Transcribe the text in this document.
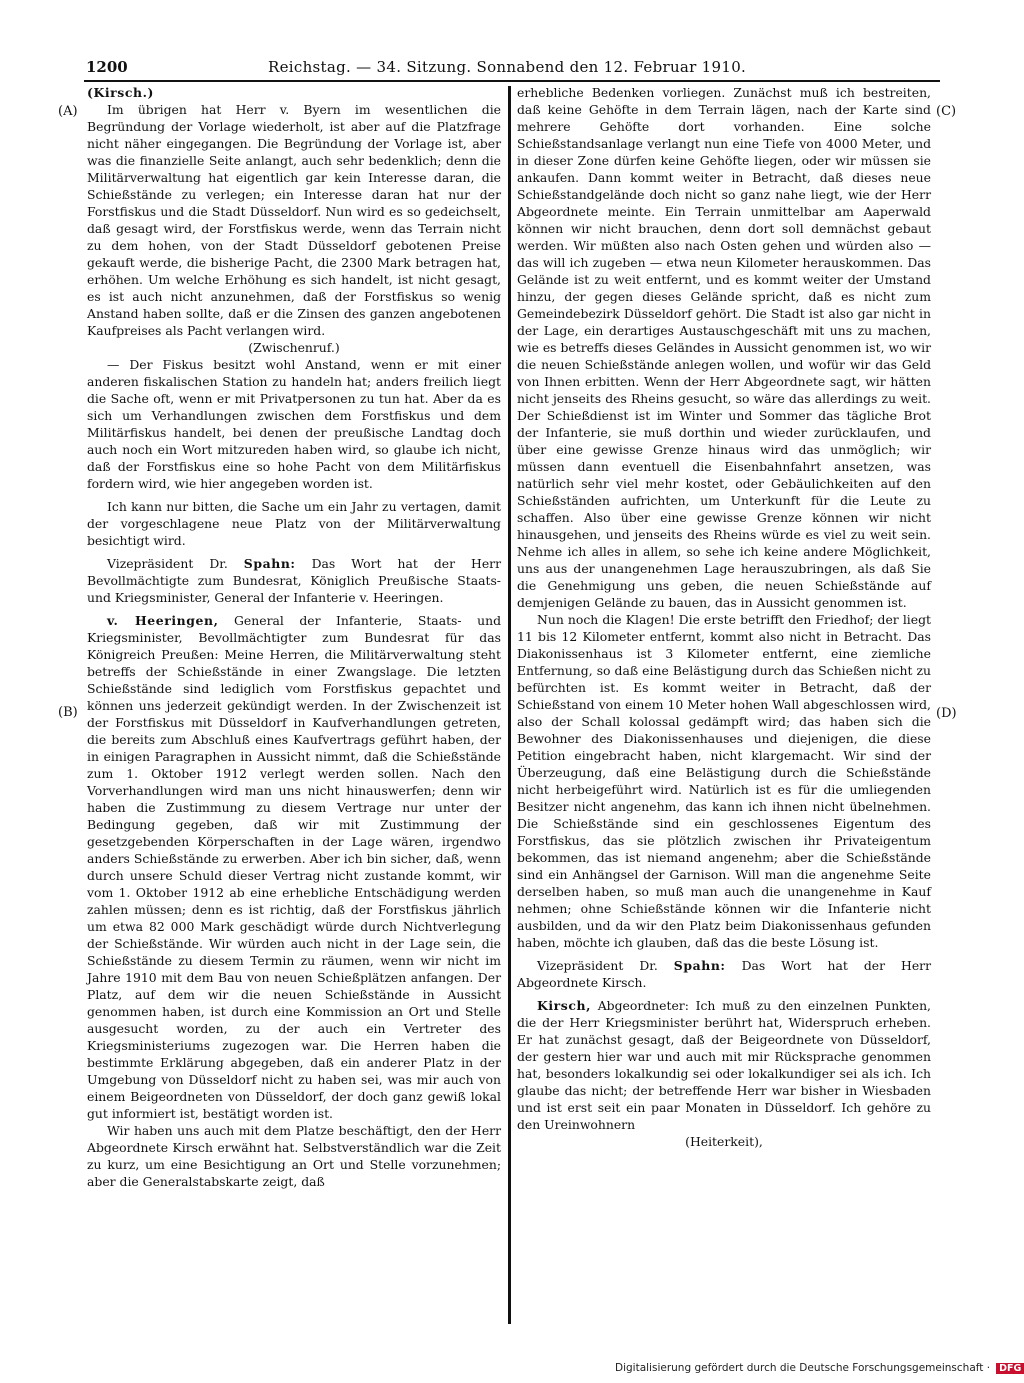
1200	Reichstag. — 34. Sitzung. Sonnabend den 12. Februar 1910.
(A)
(B)
(C)
(D)

(Kirsch.)

Im übrigen hat Herr v. Byern im wesentlichen die Begründung der Vorlage wiederholt, ist aber auf die Platzfrage nicht näher eingegangen. Die Begründung der Vorlage ist, aber was die finanzielle Seite anlangt, auch sehr bedenklich; denn die Militärverwaltung hat eigentlich gar kein Interesse daran, die Schießstände zu verlegen; ein Interesse daran hat nur der Forstfiskus und die Stadt Düsseldorf. Nun wird es so gedeichselt, daß gesagt wird, der Forstfiskus werde, wenn das Terrain nicht zu dem hohen, von der Stadt Düsseldorf gebotenen Preise gekauft werde, die bisherige Pacht, die 2300 Mark betragen hat, erhöhen. Um welche Erhöhung es sich handelt, ist nicht gesagt, es ist auch nicht anzunehmen, daß der Forstfiskus so wenig Anstand haben sollte, daß er die Zinsen des ganzen angebotenen Kaufpreises als Pacht verlangen wird.

(Zwischenruf.)

— Der Fiskus besitzt wohl Anstand, wenn er mit einer anderen fiskalischen Station zu handeln hat; anders freilich liegt die Sache oft, wenn er mit Privatpersonen zu tun hat. Aber da es sich um Verhandlungen zwischen dem Forstfiskus und dem Militärfiskus handelt, bei denen der preußische Landtag doch auch noch ein Wort mitzureden haben wird, so glaube ich nicht, daß der Forstfiskus eine so hohe Pacht von dem Militärfiskus fordern wird, wie hier angegeben worden ist.

Ich kann nur bitten, die Sache um ein Jahr zu vertagen, damit der vorgeschlagene neue Platz von der Militärverwaltung besichtigt wird.

Vizepräsident Dr. Spahn: Das Wort hat der Herr Bevollmächtigte zum Bundesrat, Königlich Preußische Staats- und Kriegsminister, General der Infanterie v. Heeringen.

v. Heeringen, General der Infanterie, Staats- und Kriegsminister, Bevollmächtigter zum Bundesrat für das Königreich Preußen: Meine Herren, die Militärverwaltung steht betreffs der Schießstände in einer Zwangslage. Die letzten Schießstände sind lediglich vom Forstfiskus gepachtet und können uns jederzeit gekündigt werden. In der Zwischenzeit ist der Forstfiskus mit Düsseldorf in Kaufverhandlungen getreten, die bereits zum Abschluß eines Kaufvertrags geführt haben, der in einigen Paragraphen in Aussicht nimmt, daß die Schießstände zum 1. Oktober 1912 verlegt werden sollen. Nach den Vorverhandlungen wird man uns nicht hinauswerfen; denn wir haben die Zustimmung zu diesem Vertrage nur unter der Bedingung gegeben, daß wir mit Zustimmung der gesetzgebenden Körperschaften in der Lage wären, irgendwo anders Schießstände zu erwerben. Aber ich bin sicher, daß, wenn durch unsere Schuld dieser Vertrag nicht zustande kommt, wir vom 1. Oktober 1912 ab eine erhebliche Entschädigung werden zahlen müssen; denn es ist richtig, daß der Forstfiskus jährlich um etwa 82 000 Mark geschädigt würde durch Nichtverlegung der Schießstände. Wir würden auch nicht in der Lage sein, die Schießstände zu diesem Termin zu räumen, wenn wir nicht im Jahre 1910 mit dem Bau von neuen Schießplätzen anfangen. Der Platz, auf dem wir die neuen Schießstände in Aussicht genommen haben, ist durch eine Kommission an Ort und Stelle ausgesucht worden, zu der auch ein Vertreter des Kriegsministeriums zugezogen war. Die Herren haben die bestimmte Erklärung abgegeben, daß ein anderer Platz in der Umgebung von Düsseldorf nicht zu haben sei, was mir auch von einem Beigeordneten von Düsseldorf, der doch ganz gewiß lokal gut informiert ist, bestätigt worden ist.

Wir haben uns auch mit dem Platze beschäftigt, den der Herr Abgeordnete Kirsch erwähnt hat. Selbstverständlich war die Zeit zu kurz, um eine Besichtigung an Ort und Stelle vorzunehmen; aber die Generalstabskarte zeigt, daß

erhebliche Bedenken vorliegen. Zunächst muß ich bestreiten, daß keine Gehöfte in dem Terrain lägen, nach der Karte sind mehrere Gehöfte dort vorhanden. Eine solche Schießstandsanlage verlangt nun eine Tiefe von 4000 Meter, und in dieser Zone dürfen keine Gehöfte liegen, oder wir müssen sie ankaufen. Dann kommt weiter in Betracht, daß dieses neue Schießstandgelände doch nicht so ganz nahe liegt, wie der Herr Abgeordnete meinte. Ein Terrain unmittelbar am Aaperwald können wir nicht brauchen, denn dort soll demnächst gebaut werden. Wir müßten also nach Osten gehen und würden also — das will ich zugeben — etwa neun Kilometer herauskommen. Das Gelände ist zu weit entfernt, und es kommt weiter der Umstand hinzu, der gegen dieses Gelände spricht, daß es nicht zum Gemeindebezirk Düsseldorf gehört. Die Stadt ist also gar nicht in der Lage, ein derartiges Austauschgeschäft mit uns zu machen, wie es betreffs dieses Geländes in Aussicht genommen ist, wo wir die neuen Schießstände anlegen wollen, und wofür wir das Geld von Ihnen erbitten. Wenn der Herr Abgeordnete sagt, wir hätten nicht jenseits des Rheins gesucht, so wäre das allerdings zu weit. Der Schießdienst ist im Winter und Sommer das tägliche Brot der Infanterie, sie muß dorthin und wieder zurücklaufen, und über eine gewisse Grenze hinaus wird das unmöglich; wir müssen dann eventuell die Eisenbahnfahrt ansetzen, was natürlich sehr viel mehr kostet, oder Gebäulichkeiten auf den Schießständen aufrichten, um Unterkunft für die Leute zu schaffen. Also über eine gewisse Grenze können wir nicht hinausgehen, und jenseits des Rheins würde es viel zu weit sein. Nehme ich alles in allem, so sehe ich keine andere Möglichkeit, uns aus der unangenehmen Lage herauszubringen, als daß Sie die Genehmigung uns geben, die neuen Schießstände auf demjenigen Gelände zu bauen, das in Aussicht genommen ist.

Nun noch die Klagen! Die erste betrifft den Friedhof; der liegt 11 bis 12 Kilometer entfernt, kommt also nicht in Betracht. Das Diakonissenhaus ist 3 Kilometer entfernt, eine ziemliche Entfernung, so daß eine Belästigung durch das Schießen nicht zu befürchten ist. Es kommt weiter in Betracht, daß der Schießstand von einem 10 Meter hohen Wall abgeschlossen wird, also der Schall kolossal gedämpft wird; das haben sich die Bewohner des Diakonissenhauses und diejenigen, die diese Petition eingebracht haben, nicht klargemacht. Wir sind der Überzeugung, daß eine Belästigung durch die Schießstände nicht herbeigeführt wird. Natürlich ist es für die umliegenden Besitzer nicht angenehm, das kann ich ihnen nicht übelnehmen. Die Schießstände sind ein geschlossenes Eigentum des Forstfiskus, das sie plötzlich zwischen ihr Privateigentum bekommen, das ist niemand angenehm; aber die Schießstände sind ein Anhängsel der Garnison. Will man die angenehme Seite derselben haben, so muß man auch die unangenehme in Kauf nehmen; ohne Schießstände können wir die Infanterie nicht ausbilden, und da wir den Platz beim Diakonissenhaus gefunden haben, möchte ich glauben, daß das die beste Lösung ist.

Vizepräsident Dr. Spahn: Das Wort hat der Herr Abgeordnete Kirsch.

Kirsch, Abgeordneter: Ich muß zu den einzelnen Punkten, die der Herr Kriegsminister berührt hat, Widerspruch erheben. Er hat zunächst gesagt, daß der Beigeordnete von Düsseldorf, der gestern hier war und auch mit mir Rücksprache genommen hat, besonders lokalkundig sei oder lokalkundiger sei als ich. Ich glaube das nicht; der betreffende Herr war bisher in Wiesbaden und ist erst seit ein paar Monaten in Düsseldorf. Ich gehöre zu den Ureinwohnern

(Heiterkeit),

Digitalisierung gefördert durch die Deutsche Forschungsgemeinschaft · DFG
